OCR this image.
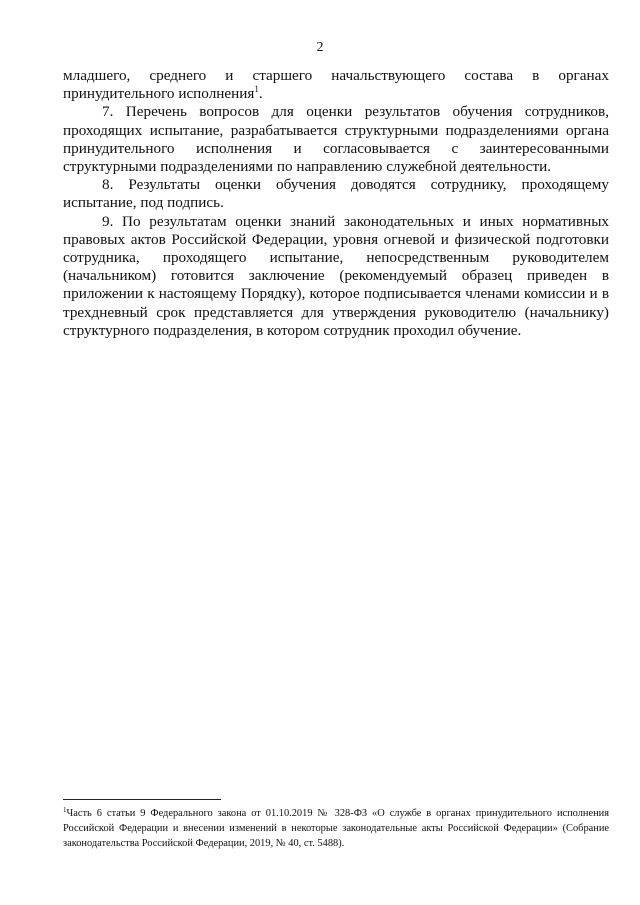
2

младшего, среднего и старшего начальствующего состава в органах принудительного исполнения$^1$.

7. Перечень вопросов для оценки результатов обучения сотрудников, проходящих испытание, разрабатывается структурными подразделениями органа принудительного исполнения и согласовывается с заинтересованными структурными подразделениями по направлению служебной деятельности.

8. Результаты оценки обучения доводятся сотруднику, проходящему испытание, под подпись.

9. По результатам оценки знаний законодательных и иных нормативных правовых актов Российской Федерации, уровня огневой и физической подготовки сотрудника, проходящего испытание, непосредственным руководителем (начальником) готовится заключение (рекомендуемый образец приведен в приложении к настоящему Порядку), которое подписывается членами комиссии и в трехдневный срок представляется для утверждения руководителю (начальнику) структурного подразделения, в котором сотрудник проходил обучение.

$^1$Часть 6 статьи 9 Федерального закона от 01.10.2019 № 328-ФЗ «О службе в органах принудительного исполнения Российской Федерации и внесении изменений в некоторые законодательные акты Российской Федерации» (Собрание законодательства Российской Федерации, 2019, № 40, ст. 5488).
